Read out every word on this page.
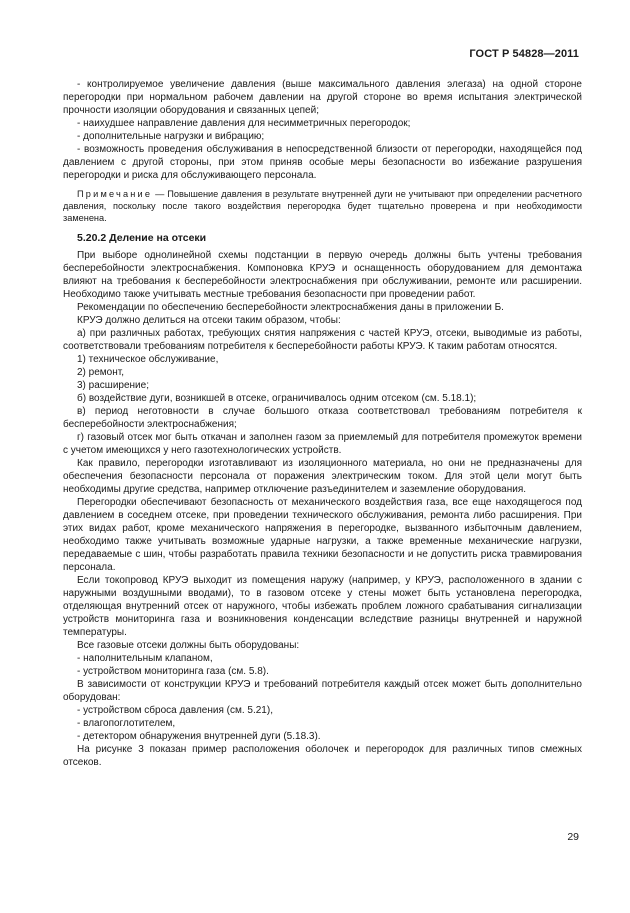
ГОСТ Р 54828—2011

- контролируемое увеличение давления (выше максимального давления элегаза) на одной стороне перегородки при нормальном рабочем давлении на другой стороне во время испытания электрической прочности изоляции оборудования и связанных цепей;

- наихудшее направление давления для несимметричных перегородок;

- дополнительные нагрузки и вибрацию;

- возможность проведения обслуживания в непосредственной близости от перегородки, находящейся под давлением с другой стороны, при этом приняв особые меры безопасности во избежание разрушения перегородки и риска для обслуживающего персонала.

Примечание — Повышение давления в результате внутренней дуги не учитывают при определении расчетного давления, поскольку после такого воздействия перегородка будет тщательно проверена и при необходимости заменена.

5.20.2 Деление на отсеки

При выборе однолинейной схемы подстанции в первую очередь должны быть учтены требования бесперебойности электроснабжения. Компоновка КРУЭ и оснащенность оборудованием для демонтажа влияют на требования к бесперебойности электроснабжения при обслуживании, ремонте или расширении. Необходимо также учитывать местные требования безопасности при проведении работ.

Рекомендации по обеспечению бесперебойности электроснабжения даны в приложении Б.

КРУЭ должно делиться на отсеки таким образом, чтобы:

а) при различных работах, требующих снятия напряжения с частей КРУЭ, отсеки, выводимые из работы, соответствовали требованиям потребителя к бесперебойности работы КРУЭ. К таким работам относятся.

1) техническое обслуживание,

2) ремонт,

3) расширение;

б) воздействие дуги, возникшей в отсеке, ограничивалось одним отсеком (см. 5.18.1);

в) период неготовности в случае большого отказа соответствовал требованиям потребителя к бесперебойности электроснабжения;

г) газовый отсек мог быть откачан и заполнен газом за приемлемый для потребителя промежуток времени с учетом имеющихся у него газотехнологических устройств.

Как правило, перегородки изготавливают из изоляционного материала, но они не предназначены для обеспечения безопасности персонала от поражения электрическим током. Для этой цели могут быть необходимы другие средства, например отключение разъединителем и заземление оборудования.

Перегородки обеспечивают безопасность от механического воздействия газа, все еще находящегося под давлением в соседнем отсеке, при проведении технического обслуживания, ремонта либо расширения. При этих видах работ, кроме механического напряжения в перегородке, вызванного избыточным давлением, необходимо также учитывать возможные ударные нагрузки, а также временные механические нагрузки, передаваемые с шин, чтобы разработать правила техники безопасности и не допустить риска травмирования персонала.

Если токопровод КРУЭ выходит из помещения наружу (например, у КРУЭ, расположенного в здании с наружными воздушными вводами), то в газовом отсеке у стены может быть установлена перегородка, отделяющая внутренний отсек от наружного, чтобы избежать проблем ложного срабатывания сигнализации устройств мониторинга газа и возникновения конденсации вследствие разницы внутренней и наружной температуры.

Все газовые отсеки должны быть оборудованы:

- наполнительным клапаном,

- устройством мониторинга газа (см. 5.8).

В зависимости от конструкции КРУЭ и требований потребителя каждый отсек может быть дополнительно оборудован:

- устройством сброса давления (см. 5.21),

- влагопоглотителем,

- детектором обнаружения внутренней дуги (5.18.3).

На рисунке 3 показан пример расположения оболочек и перегородок для различных типов смежных отсеков.

29
